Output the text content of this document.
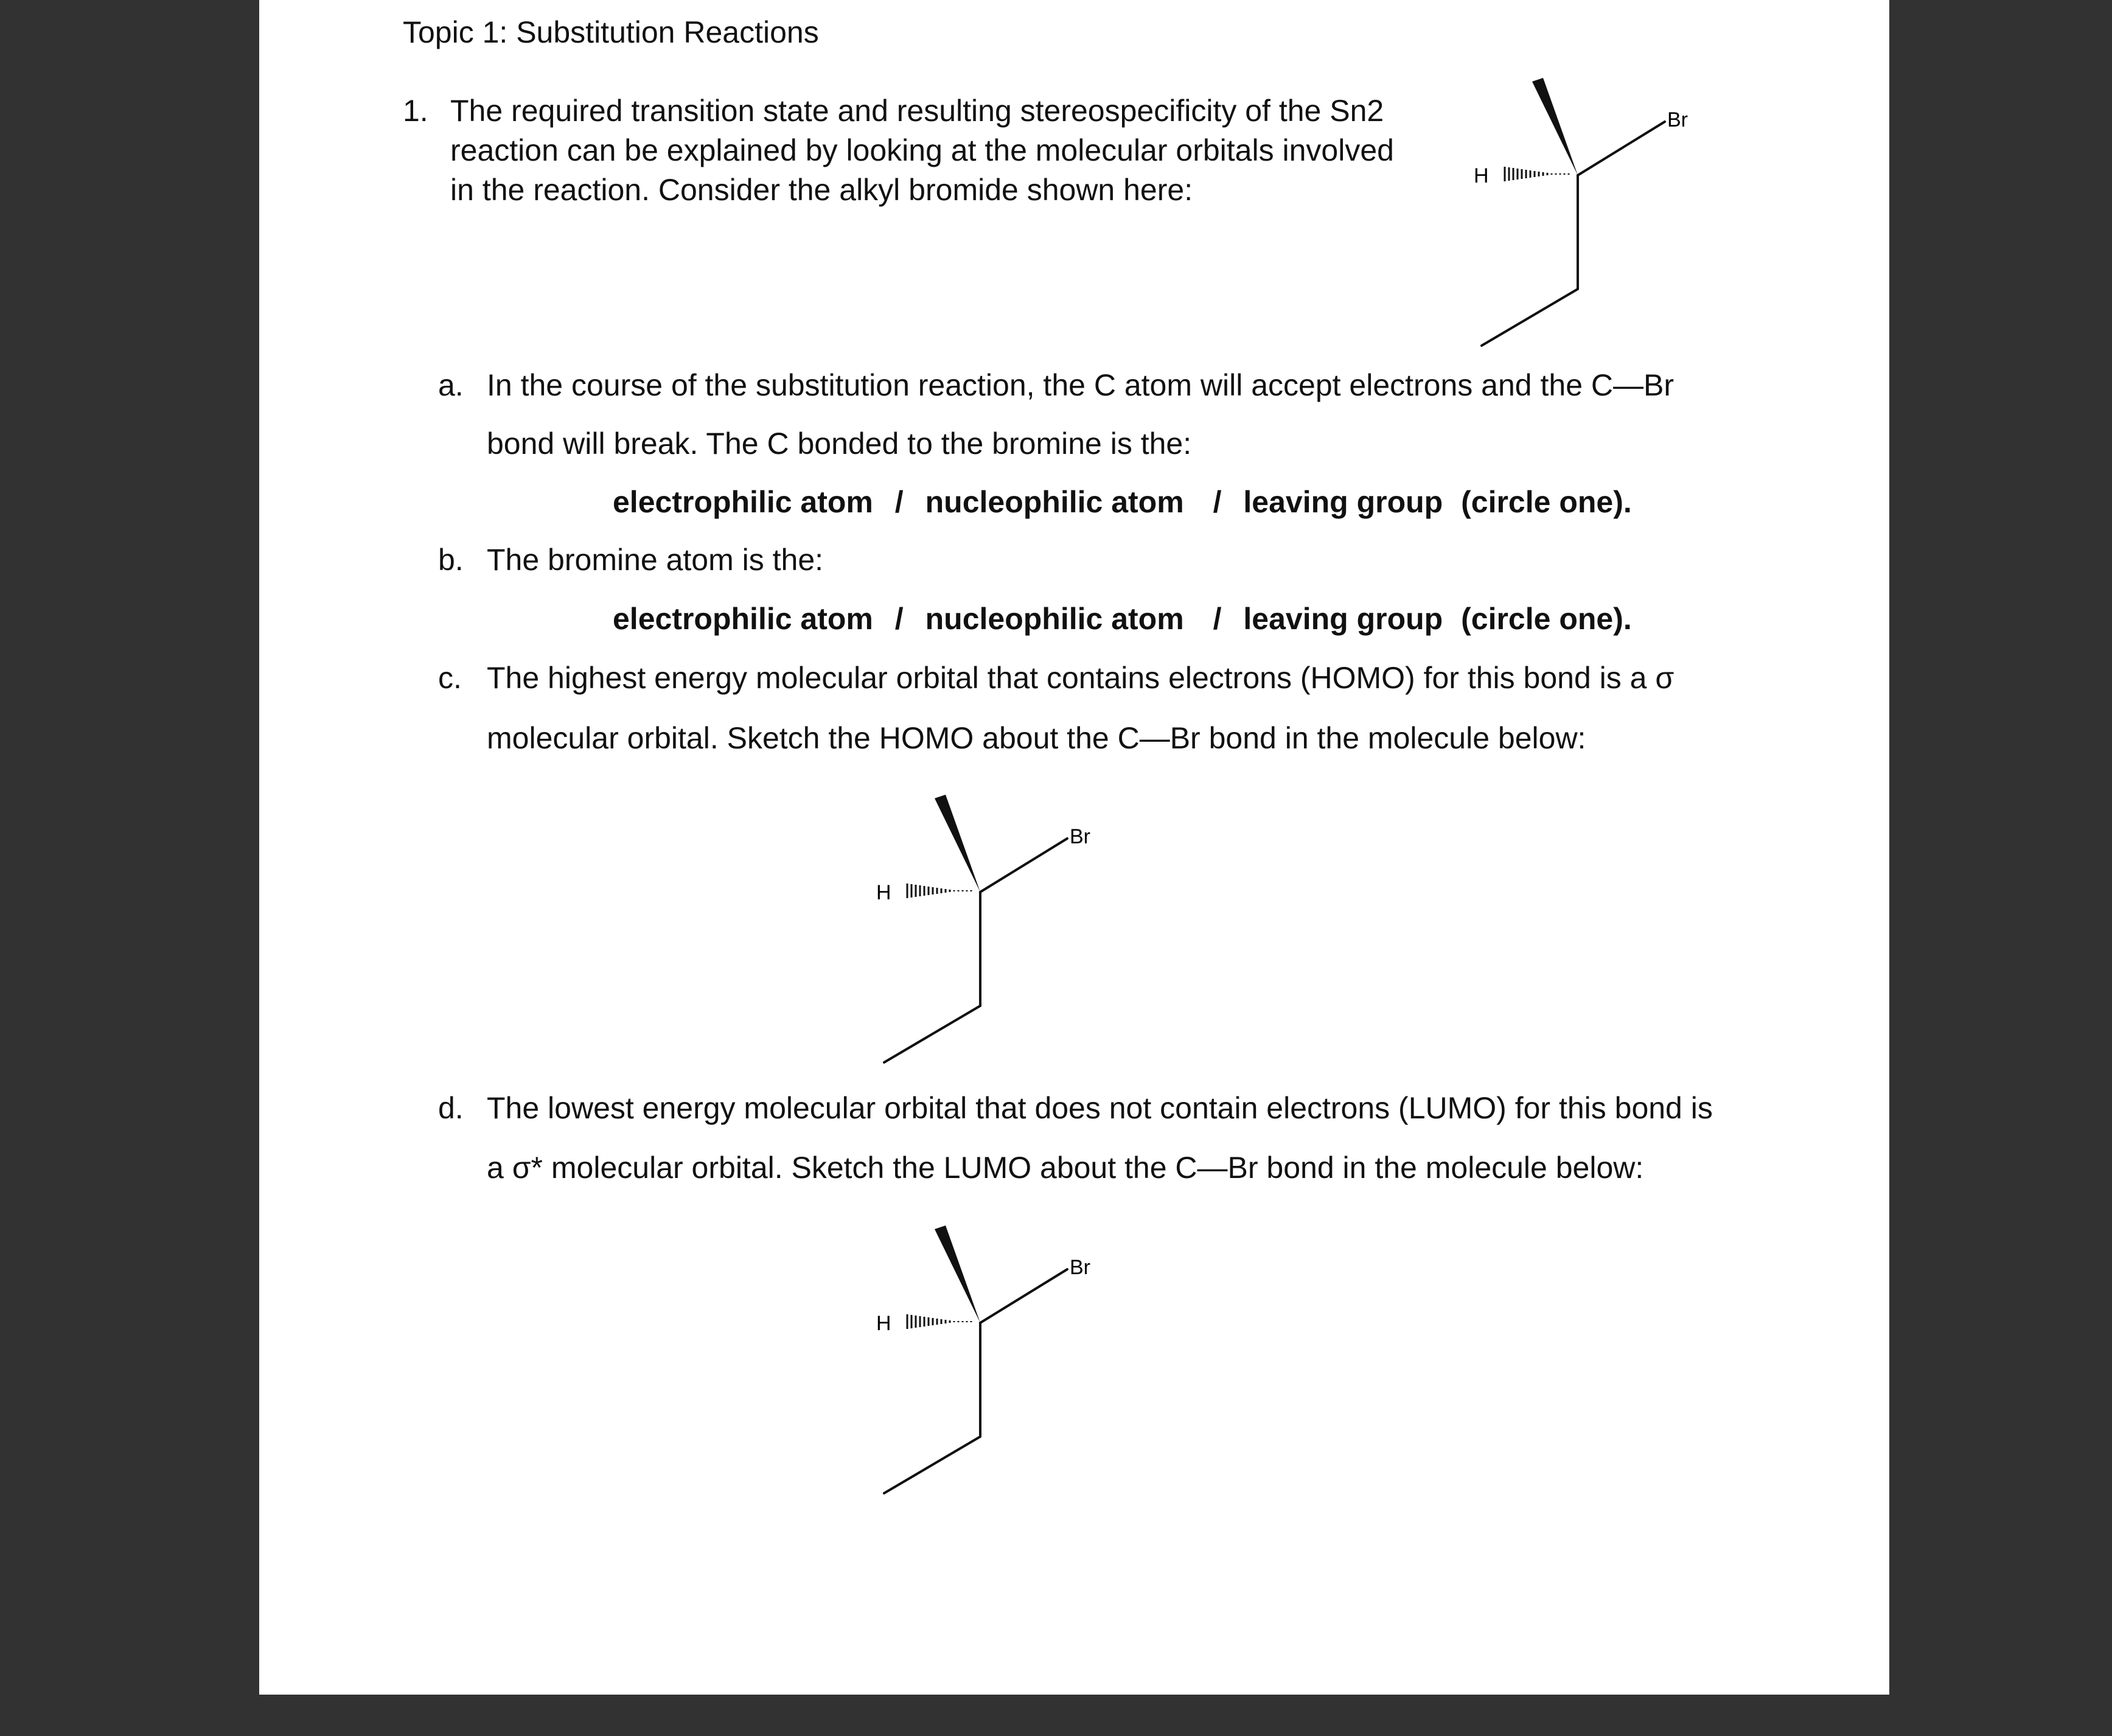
Topic 1: Substitution Reactions
1. The required transition state and resulting stereospecificity of the Sn2
reaction can be explained by looking at the molecular orbitals involved
in the reaction. Consider the alkyl bromide shown here:
a. In the course of the substitution reaction, the C atom will accept electrons and the C—Br
bond will break. The C bonded to the bromine is the:
electrophilic atom / nucleophilic atom / leaving group (circle one).
b. The bromine atom is the:
electrophilic atom / nucleophilic atom / leaving group (circle one).
c. The highest energy molecular orbital that contains electrons (HOMO) for this bond is a σ
molecular orbital. Sketch the HOMO about the C—Br bond in the molecule below:
d. The lowest energy molecular orbital that does not contain electrons (LUMO) for this bond is
a σ* molecular orbital. Sketch the LUMO about the C—Br bond in the molecule below:
H
Br
H
Br
H
Br
